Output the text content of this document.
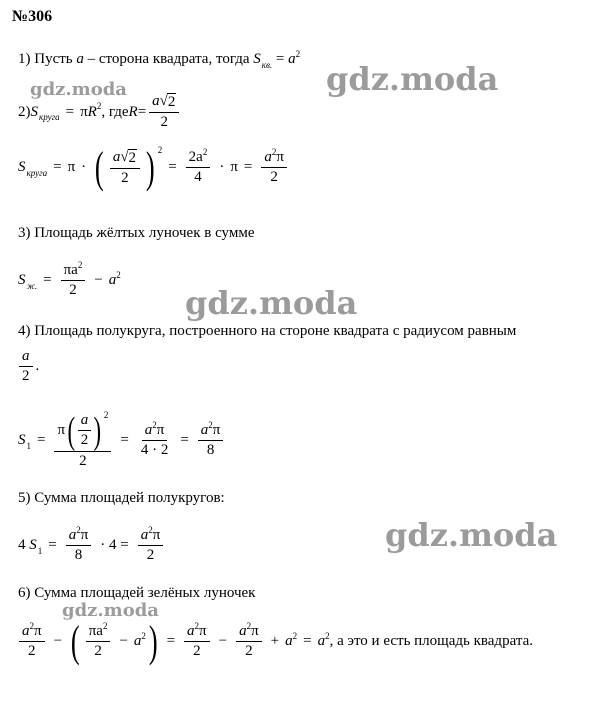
№306
gdz.moda
gdz.moda
gdz.moda
gdz.moda
gdz.moda
1) Пусть a – сторона квадрата, тогда $S_{кв.} = a^2$
2) S круга = π R 2 , где $R = \frac{a√ 2}{2}$
S круга = π · ( $\frac{a√ 2}{2}$ ) 2
= $\frac{2a^2}{4} \cdot \pi = \frac{a^2\pi}{2}$
3) Площадь жёлтых луночек в сумме
S ж. = $\frac{\pi a^2}{2} - a$ 2
4) Площадь полукруга, построенного на стороне квадрата с радиусом равным
$\frac{a}{2}$ .
S $1 = \frac{\pi ( \frac{a}{2} ) 2}{2} = \frac{a^2\pi}{4 \cdot 2} = \frac{a^2\pi}{8}$
5) Сумма площадей полукругов:
4
S $1 = \frac{a^2\pi}{8} \cdot 4 = \frac{a^2\pi}{2}$
6) Сумма площадей зелёных луночек
$\frac{a^2\pi}{2}$ − ( $\frac{\pi a^2}{2} - a$ 2 ) = $\frac{a^2\pi}{2} - \frac{a^2\pi}{2} + a$ 2 = a 2 , а это и есть площадь квадрата.
